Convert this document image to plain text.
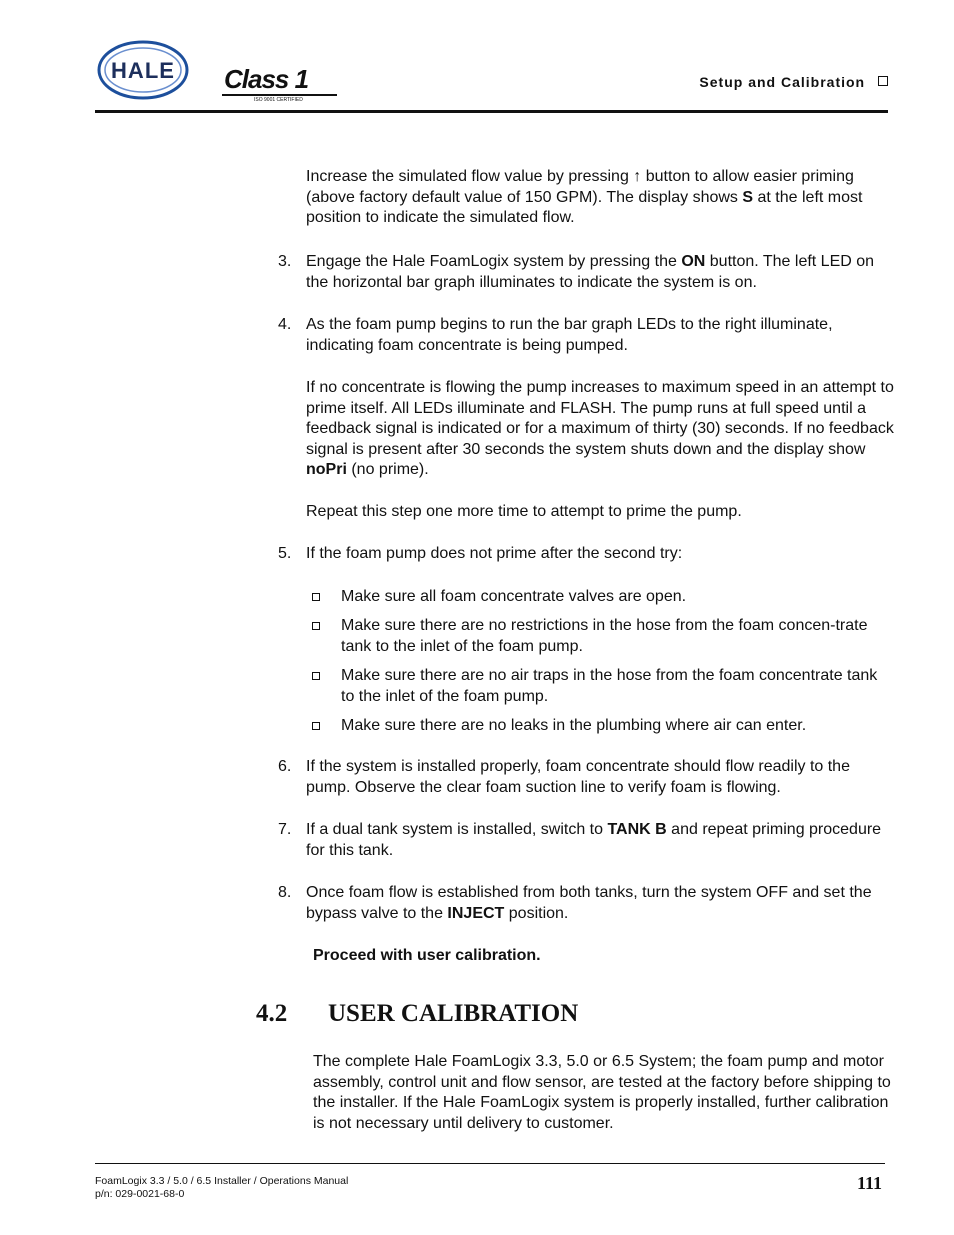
HALE	Class 1
ISO 9001 CERTIFIED
Setup and Calibration
Increase the simulated flow value by pressing ↑ button to allow easier priming (above factory default value of 150 GPM). The display shows S at the left most position to indicate the simulated flow.
3. Engage the Hale FoamLogix system by pressing the ON button. The left LED on the horizontal bar graph illuminates to indicate the system is on.
4. As the foam pump begins to run the bar graph LEDs to the right illuminate, indicating foam concentrate is being pumped.
If no concentrate is flowing the pump increases to maximum speed in an attempt to prime itself. All LEDs illuminate and FLASH. The pump runs at full speed until a feedback signal is indicated or for a maximum of thirty (30) seconds. If no feedback signal is present after 30 seconds the system shuts down and the display show noPri (no prime).
Repeat this step one more time to attempt to prime the pump.
5. If the foam pump does not prime after the second try:
Make sure all foam concentrate valves are open.
Make sure there are no restrictions in the hose from the foam concen-trate tank to the inlet of the foam pump.
Make sure there are no air traps in the hose from the foam concentrate tank to the inlet of the foam pump.
Make sure there are no leaks in the plumbing where air can enter.
6. If the system is installed properly, foam concentrate should flow readily to the pump. Observe the clear foam suction line to verify foam is flowing.
7. If a dual tank system is installed, switch to TANK B and repeat priming procedure for this tank.
8. Once foam flow is established from both tanks, turn the system OFF and set the bypass valve to the INJECT position.
Proceed with user calibration.
4.2 USER CALIBRATION
The complete Hale FoamLogix 3.3, 5.0 or 6.5 System; the foam pump and motor assembly, control unit and flow sensor, are tested at the factory before shipping to the installer. If the Hale FoamLogix system is properly installed, further calibration is not necessary until delivery to customer.
FoamLogix 3.3 / 5.0 / 6.5 Installer / Operations Manual
p/n: 029-0021-68-0
111
